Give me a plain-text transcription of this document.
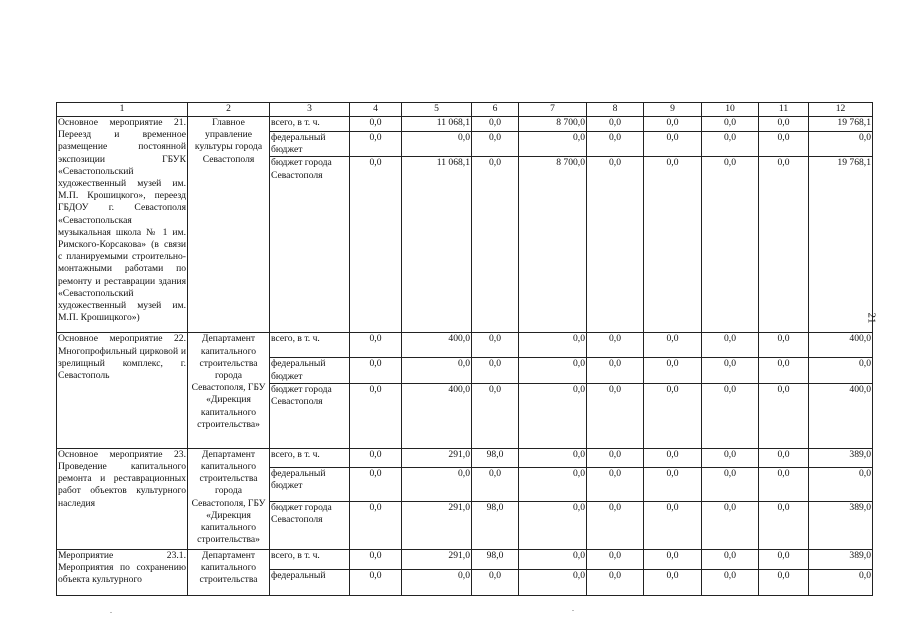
1	2	3	4	5	6	7	8	9	10	11	12
Основное мероприятие 21. Переезд и временное размещение постоянной экспозиции ГБУК «Севастопольский художественный музей им. М.П. Крошицкого», переезд ГБДОУ г. Севастополя «Севастопольская музыкальная школа № 1 им. Римского-Корсакова» (в связи с планируемыми строительно-монтажными работами по ремонту и реставрации здания «Севастопольский художественный музей им. М.П. Крошицкого»)	Главное управление культуры города Севастополя	всего, в т. ч.	0,0	11 068,1	0,0	8 700,0	0,0	0,0	0,0	0,0	19 768,1
		федеральный бюджет	0,0	0,0	0,0	0,0	0,0	0,0	0,0	0,0	0,0
		бюджет города Севастополя	0,0	11 068,1	0,0	8 700,0	0,0	0,0	0,0	0,0	19 768,1
Основное мероприятие 22. Многопрофильный цирковой и зрелищный комплекс, г. Севастополь	Департамент капитального строительства города Севастополя, ГБУ «Дирекция капитального строительства»	всего, в т. ч.	0,0	400,0	0,0	0,0	0,0	0,0	0,0	0,0	400,0
		федеральный бюджет	0,0	0,0	0,0	0,0	0,0	0,0	0,0	0,0	0,0
		бюджет города Севастополя	0,0	400,0	0,0	0,0	0,0	0,0	0,0	0,0	400,0
Основное мероприятие 23. Проведение капитального ремонта и реставрационных работ объектов культурного наследия	Департамент капитального строительства города Севастополя, ГБУ «Дирекция капитального строительства»	всего, в т. ч.	0,0	291,0	98,0	0,0	0,0	0,0	0,0	0,0	389,0
		федеральный бюджет	0,0	0,0	0,0	0,0	0,0	0,0	0,0	0,0	0,0
		бюджет города Севастополя	0,0	291,0	98,0	0,0	0,0	0,0	0,0	0,0	389,0
Мероприятие 23.1. Мероприятия по сохранению объекта культурного	Департамент капитального строительства	всего, в т. ч.	0,0	291,0	98,0	0,0	0,0	0,0	0,0	0,0	389,0
		федеральный	0,0	0,0	0,0	0,0	0,0	0,0	0,0	0,0	0,0
21
